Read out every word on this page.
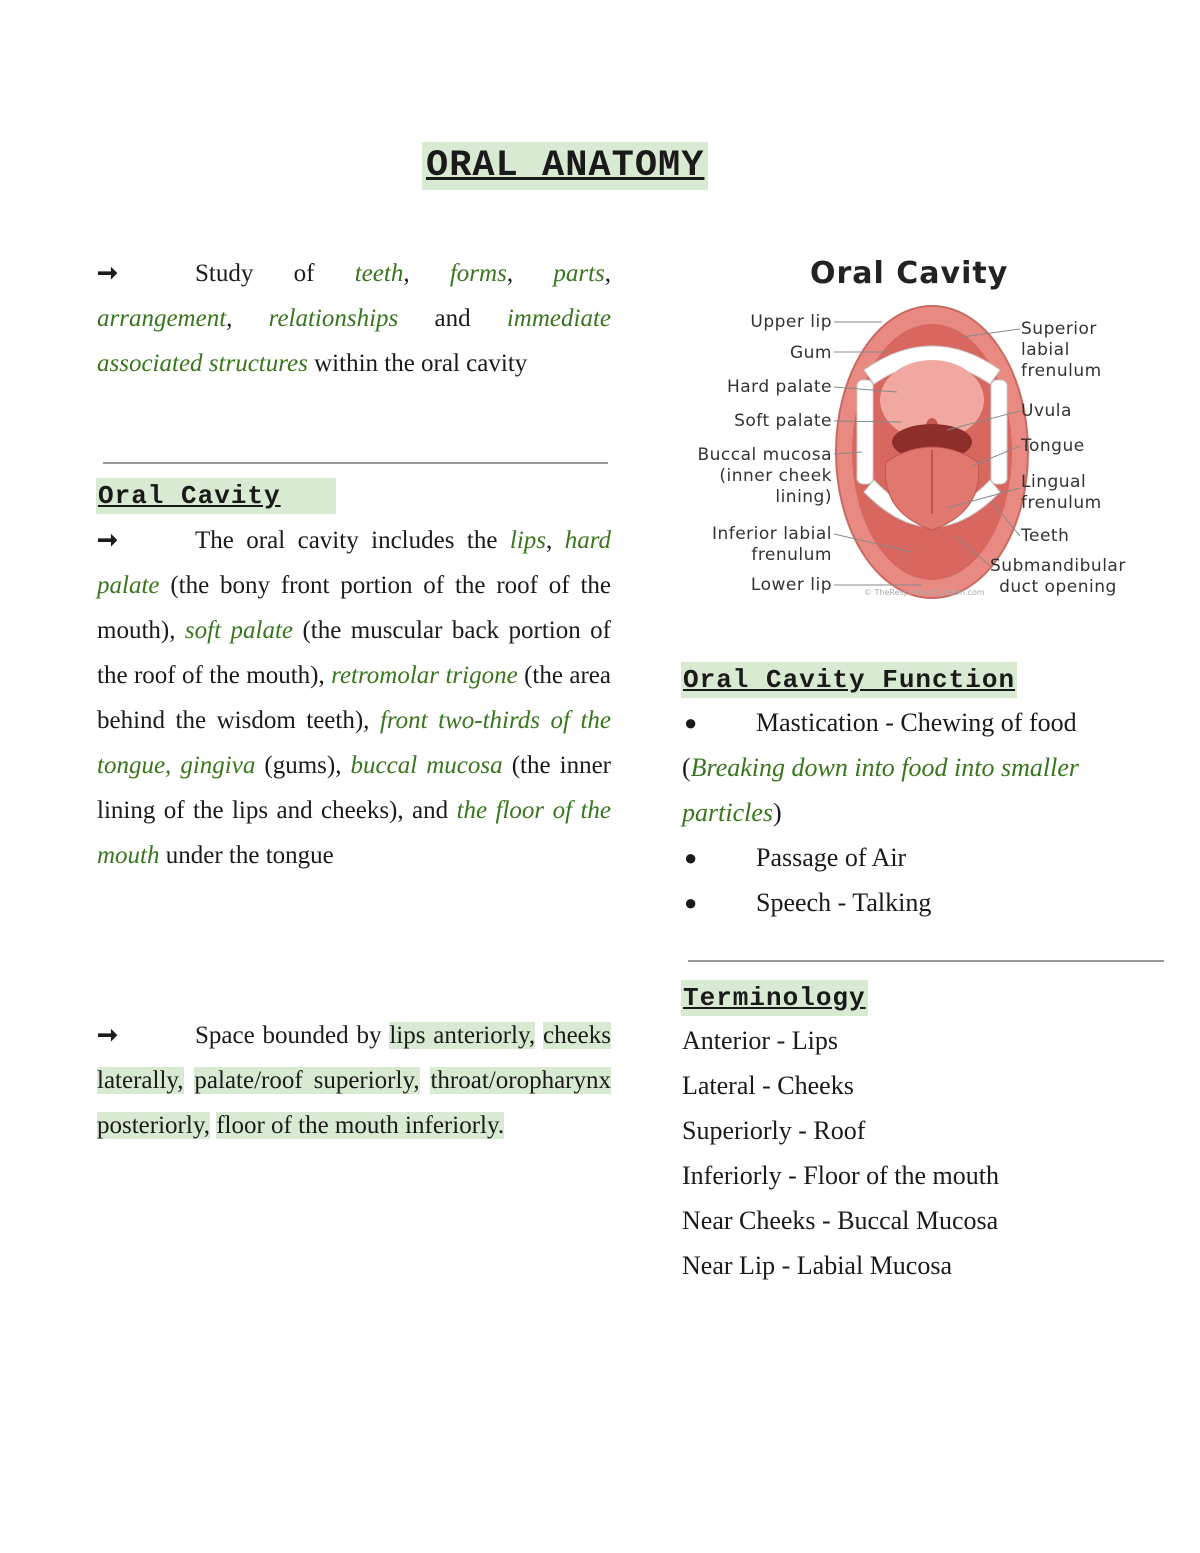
ORAL ANATOMY
➞	Study of teeth, forms, parts, arrangement, relationships and immediate associated structures within the oral cavity
Oral Cavity
➞	The oral cavity includes the lips, hard palate (the bony front portion of the roof of the mouth), soft palate (the muscular back portion of the roof of the mouth), retromolar trigone (the area behind the wisdom teeth), front two-thirds of the tongue, gingiva (gums), buccal mucosa (the inner lining of the lips and cheeks), and the floor of the mouth under the tongue
➞	Space bounded by lips anteriorly, cheeks laterally, palate/roof superiorly, throat/oropharynx posteriorly, floor of the mouth inferiorly.
Oral Cavity
Upper lip
Gum
Hard palate
Soft palate
Buccal mucosa
(inner cheek
lining)
Inferior labial
frenulum
Lower lip
Superior
labial
frenulum
Uvula
Tongue
Lingual
frenulum
Teeth
Submandibular
duct opening
© TheRespiratorySystem.com
Oral Cavity Function
●	Mastication - Chewing of food
(Breaking down into food into smaller particles)
●	Passage of Air
●	Speech - Talking
Terminology
Anterior - Lips
Lateral - Cheeks
Superiorly - Roof
Inferiorly - Floor of the mouth
Near Cheeks - Buccal Mucosa
Near Lip - Labial Mucosa
